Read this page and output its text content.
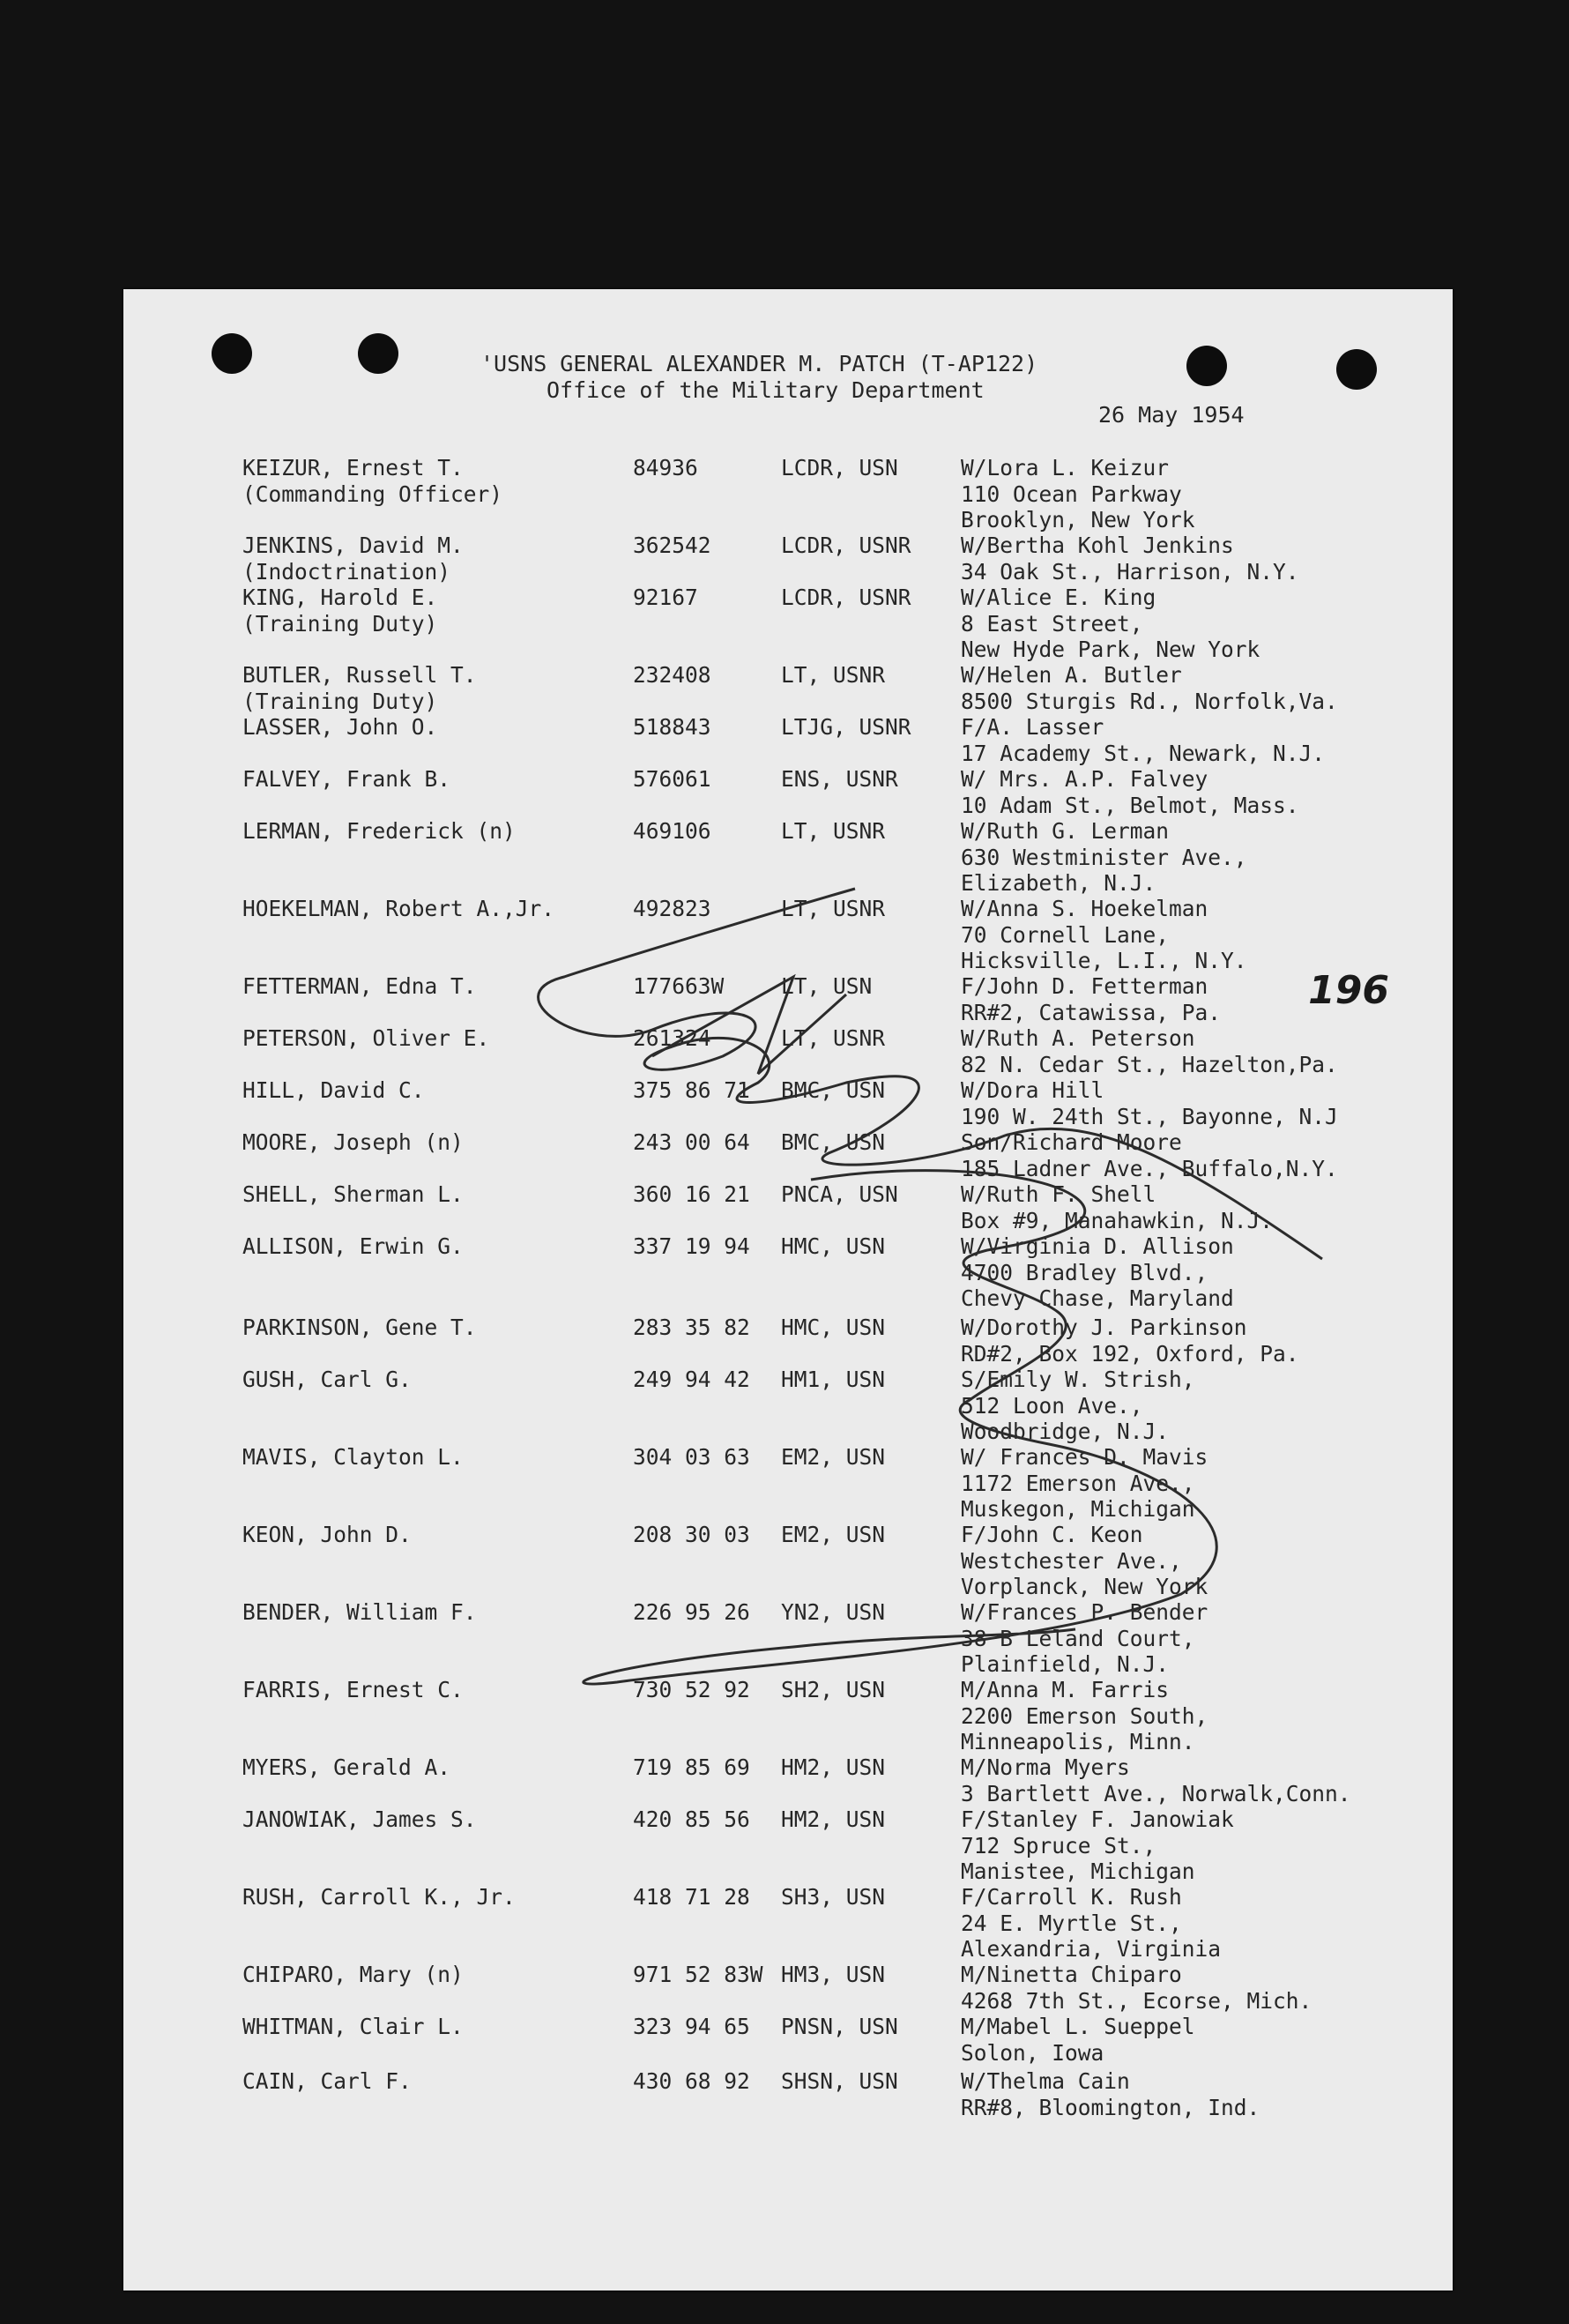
'USNS GENERAL ALEXANDER M. PATCH (T-AP122)
Office of the Military Department
26 May 1954
196
KEIZUR, Ernest T.
(Commanding Officer)
84936	LCDR, USN	W/Lora L. Keizur
110 Ocean Parkway
Brooklyn, New York
JENKINS, David M.
(Indoctrination)
362542	LCDR, USNR W/Bertha Kohl Jenkins
34 Oak St., Harrison, N.Y.
KING, Harold E.
(Training Duty)
92167	LCDR, USNR W/Alice E. King
8 East Street,
New Hyde Park, New York
BUTLER, Russell T.
(Training Duty)
232408	LT, USNR	W/Helen A. Butler
8500 Sturgis Rd., Norfolk,Va.
LASSER, John O.	518843	LTJG, USNR F/A. Lasser
17 Academy St., Newark, N.J.
FALVEY, Frank B.	576061	ENS, USNR	W/ Mrs. A.P. Falvey
10 Adam St., Belmot, Mass.
LERMAN, Frederick (n)	469106	LT, USNR	W/Ruth G. Lerman
630 Westminister Ave.,
Elizabeth, N.J.
HOEKELMAN, Robert A.,Jr.	492823	LT, USNR	W/Anna S. Hoekelman
70 Cornell Lane,
Hicksville, L.I., N.Y.
FETTERMAN, Edna T.	177663W	LT, USN	F/John D. Fetterman
RR#2, Catawissa, Pa.
PETERSON, Oliver E.	261324	LT, USNR	W/Ruth A. Peterson
82 N. Cedar St., Hazelton,Pa.
HILL, David C.	375 86 71 BMC, USN	W/Dora Hill
190 W. 24th St., Bayonne, N.J
MOORE, Joseph (n)	243 00 64 BMC, USN	Son/Richard Moore
185 Ladner Ave., Buffalo,N.Y.
SHELL, Sherman L.	360 16 21 PNCA, USN	W/Ruth F. Shell
Box #9, Manahawkin, N.J.
ALLISON, Erwin G.	337 19 94 HMC, USN	W/Virginia D. Allison
4700 Bradley Blvd.,
Chevy Chase, Maryland
PARKINSON, Gene T.	283 35 82 HMC, USN	W/Dorothy J. Parkinson
RD#2, Box 192, Oxford, Pa.
GUSH, Carl G.	249 94 42 HM1, USN	S/Emily W. Strish,
512 Loon Ave.,
Woodbridge, N.J.
MAVIS, Clayton L.	304 03 63 EM2, USN	W/ Frances D. Mavis
1172 Emerson Ave.,
Muskegon, Michigan
KEON, John D.	208 30 03 EM2, USN	F/John C. Keon
Westchester Ave.,
Vorplanck, New York
BENDER, William F.	226 95 26 YN2, USN	W/Frances P. Bender
38 B Leland Court,
Plainfield, N.J.
FARRIS, Ernest C.	730 52 92 SH2, USN	M/Anna M. Farris
2200 Emerson South,
Minneapolis, Minn.
MYERS, Gerald A.	719 85 69 HM2, USN	M/Norma Myers
3 Bartlett Ave., Norwalk,Conn.
JANOWIAK, James S.	420 85 56 HM2, USN	F/Stanley F. Janowiak
712 Spruce St.,
Manistee, Michigan
RUSH, Carroll K., Jr.	418 71 28 SH3, USN	F/Carroll K. Rush
24 E. Myrtle St.,
Alexandria, Virginia
CHIPARO, Mary (n)	971 52 83W HM3, USN	M/Ninetta Chiparo
4268 7th St., Ecorse, Mich.
WHITMAN, Clair L.	323 94 65 PNSN, USN	M/Mabel L. Sueppel
Solon, Iowa
CAIN, Carl F.	430 68 92 SHSN, USN	W/Thelma Cain
RR#8, Bloomington, Ind.
